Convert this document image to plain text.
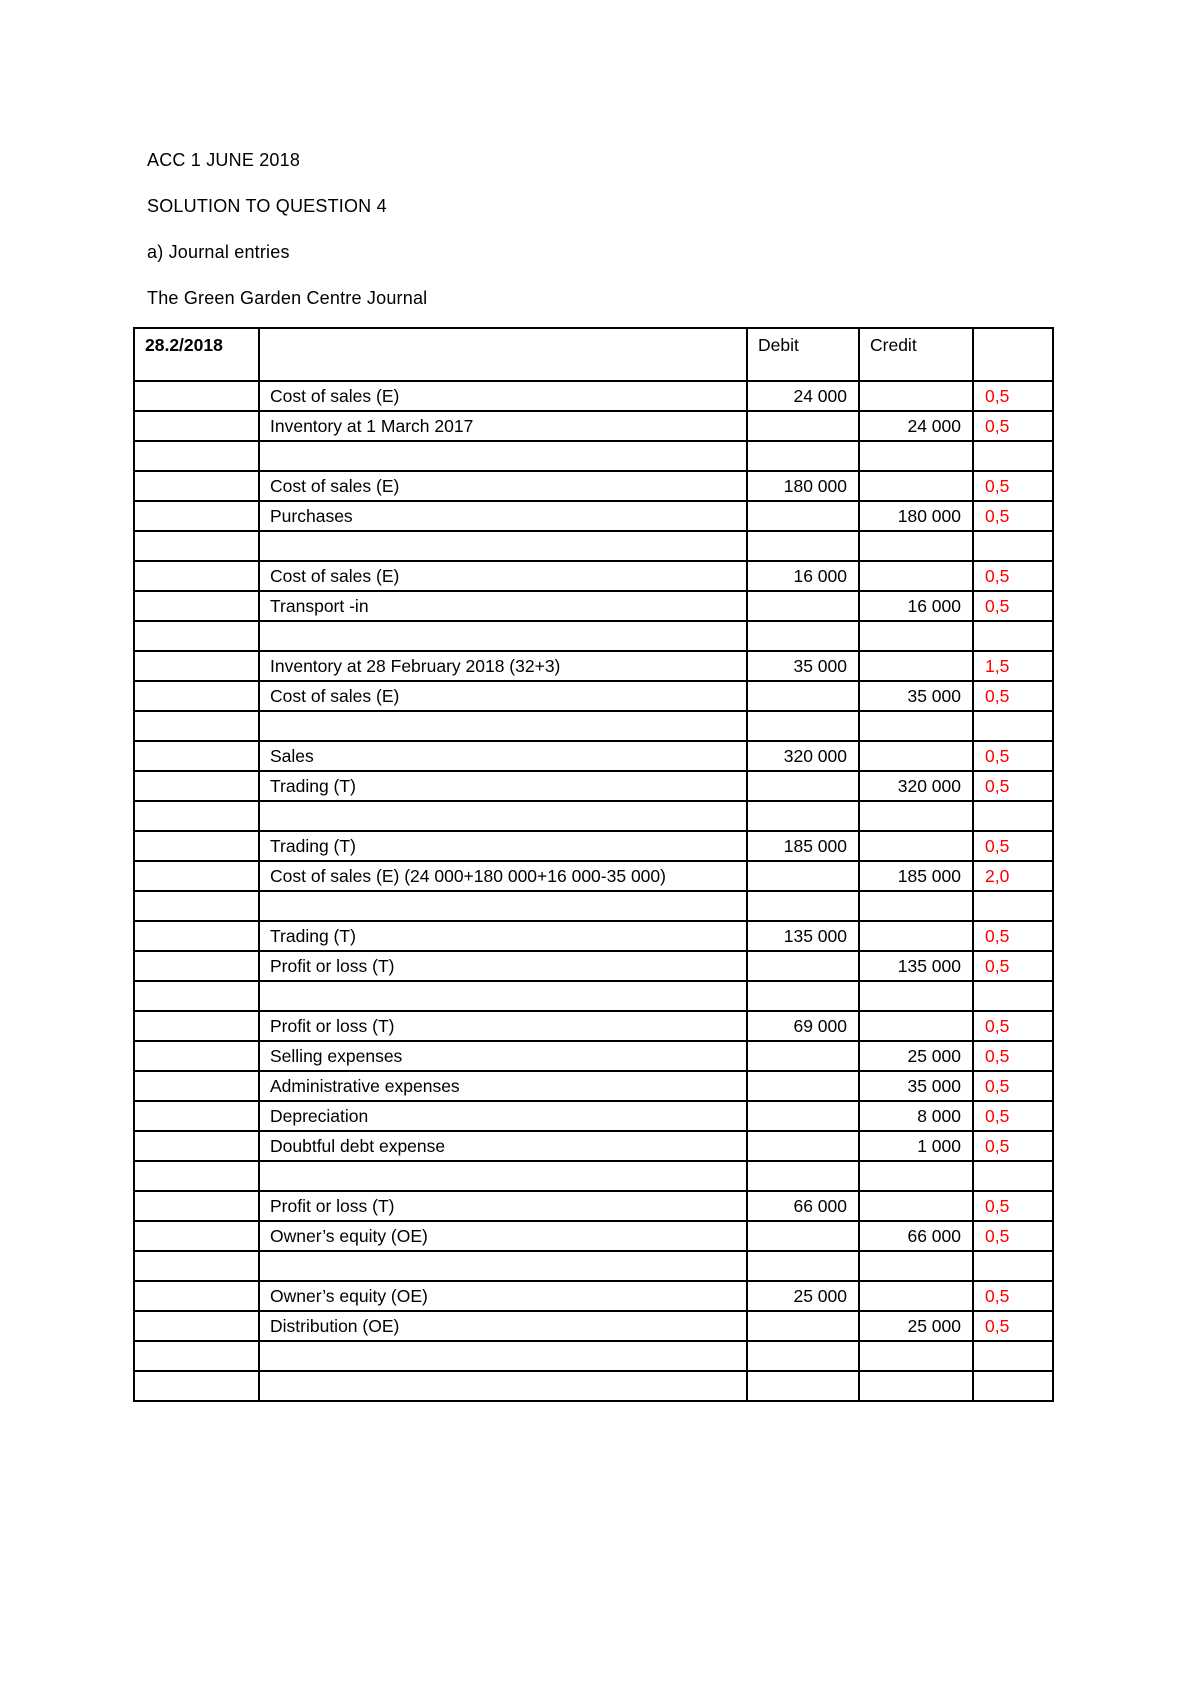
ACC 1 JUNE 2018
SOLUTION TO QUESTION 4
a) Journal entries
The Green Garden Centre Journal
28.2/2018		Debit	Credit	
	Cost of sales (E)	24 000		0,5
	Inventory at 1 March 2017		24 000	0,5

	Cost of sales (E)	180 000		0,5
	Purchases		180 000	0,5

	Cost of sales (E)	16 000		0,5
	Transport -in		16 000	0,5

	Inventory at 28 February 2018 (32+3)	35 000		1,5
	Cost of sales (E)		35 000	0,5

	Sales	320 000		0,5
	Trading (T)		320 000	0,5

	Trading (T)	185 000		0,5
	Cost of sales (E) (24 000+180 000+16 000-35 000)		185 000	2,0

	Trading (T)	135 000		0,5
	Profit or loss (T)		135 000	0,5

	Profit or loss (T)	69 000		0,5
	Selling expenses		25 000	0,5
	Administrative expenses		35 000	0,5
	Depreciation		8 000	0,5
	Doubtful debt expense		1 000	0,5

	Profit or loss (T)	66 000		0,5
	Owner’s equity (OE)		66 000	0,5

	Owner’s equity (OE)	25 000		0,5
	Distribution (OE)		25 000	0,5
